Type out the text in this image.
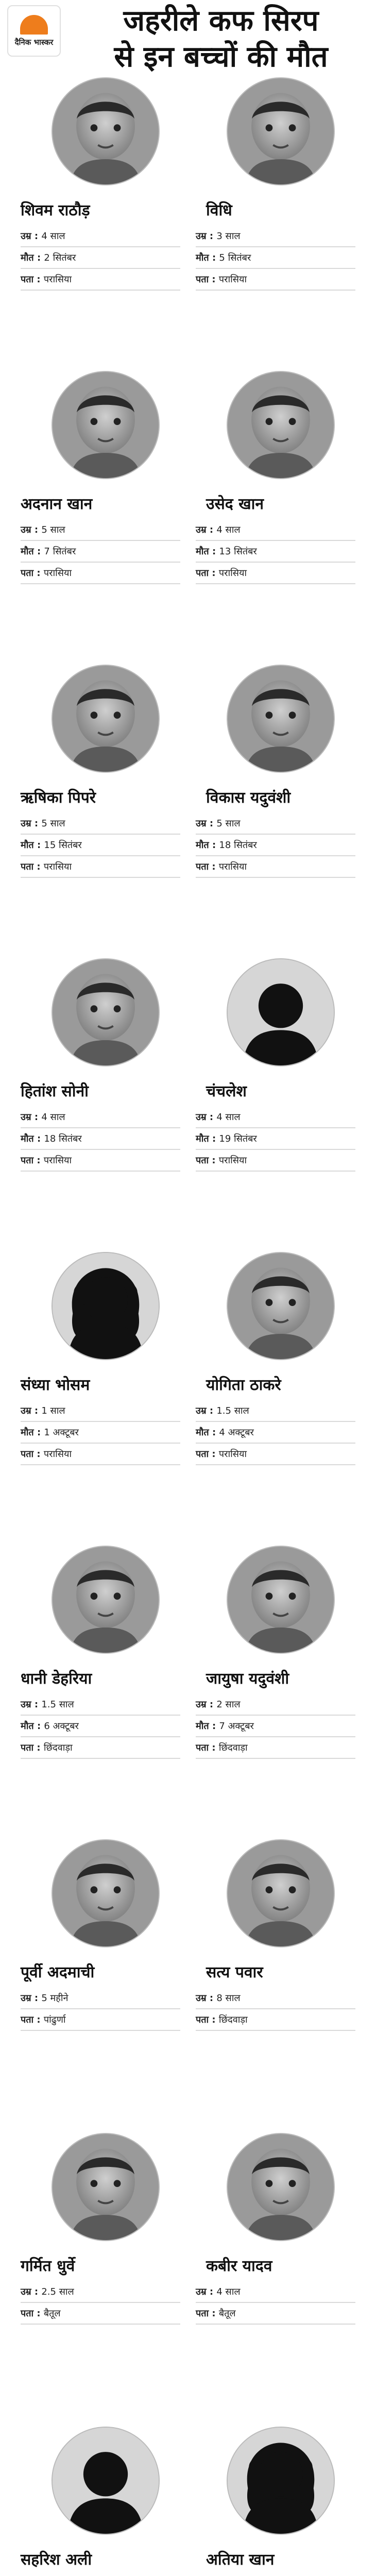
दैनिक भास्कर
जहरीले कफ सिरप
से इन बच्चों की मौत
शिवम राठौड़
उम्र : 4 साल
मौत : 2 सितंबर
पता : परासिया
विधि
उम्र : 3 साल
मौत : 5 सितंबर
पता : परासिया
अदनान खान
उम्र : 5 साल
मौत : 7 सितंबर
पता : परासिया
उसेद खान
उम्र : 4 साल
मौत : 13 सितंबर
पता : परासिया
ऋषिका पिपरे
उम्र : 5 साल
मौत : 15 सितंबर
पता : परासिया
विकास यदुवंशी
उम्र : 5 साल
मौत : 18 सितंबर
पता : परासिया
हितांश सोनी
उम्र : 4 साल
मौत : 18 सितंबर
पता : परासिया
चंचलेश
उम्र : 4 साल
मौत : 19 सितंबर
पता : परासिया
संध्या भोसम
उम्र : 1 साल
मौत : 1 अक्टूबर
पता : परासिया
योगिता ठाकरे
उम्र : 1.5 साल
मौत : 4 अक्टूबर
पता : परासिया
धानी डेहरिया
उम्र : 1.5 साल
मौत : 6 अक्टूबर
पता : छिंदवाड़ा
जायुषा यदुवंशी
उम्र : 2 साल
मौत : 7 अक्टूबर
पता : छिंदवाड़ा
पूर्वी अदमाची
उम्र : 5 महीने
पता : पांढुर्णा
सत्य पवार
उम्र : 8 साल
पता : छिंदवाड़ा
गर्मित धुर्वे
उम्र : 2.5 साल
पता : बैतूल
कबीर यादव
उम्र : 4 साल
पता : बैतूल
सहरिश अली	अतिया खान
